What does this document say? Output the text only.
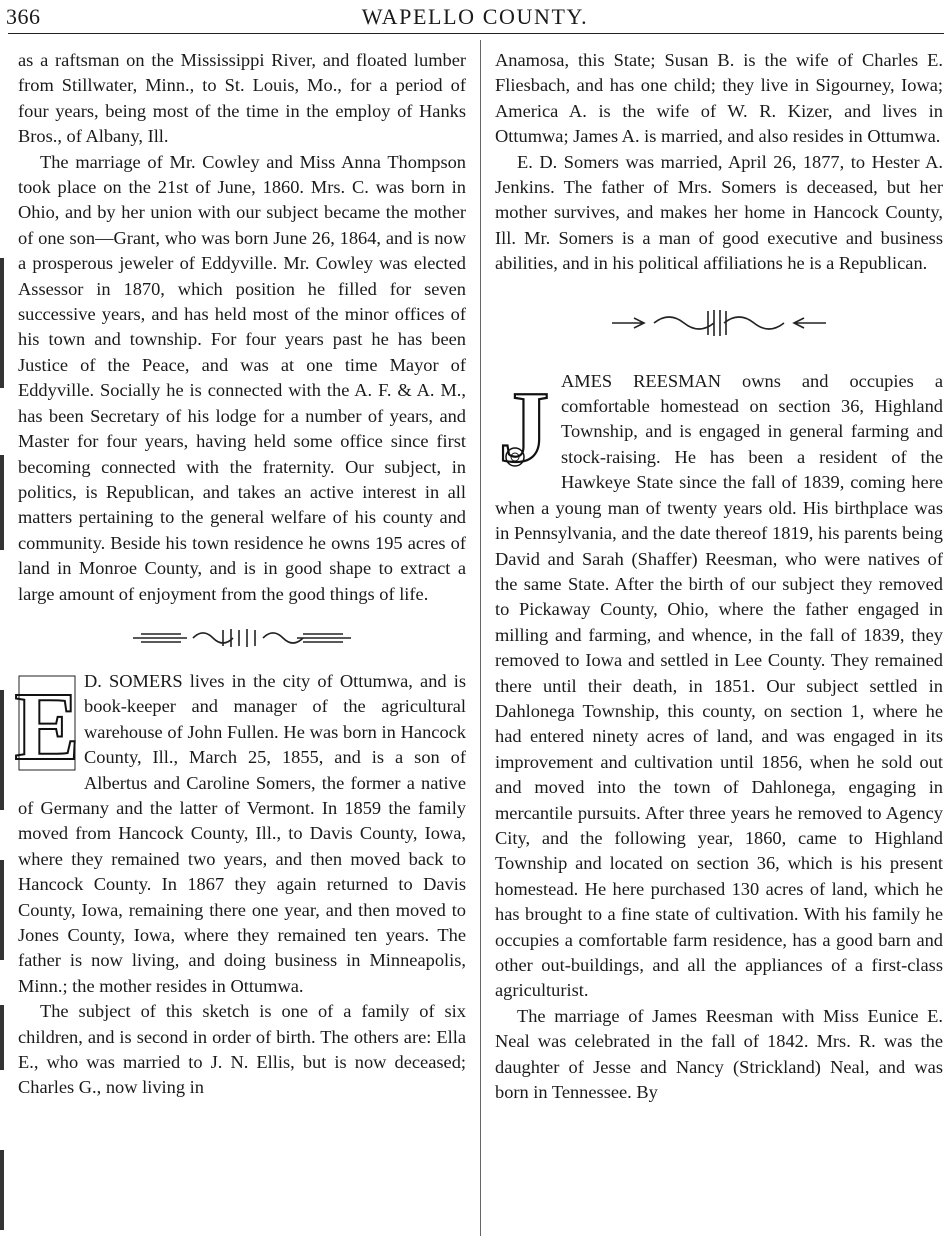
366	WAPELLO COUNTY.

as a raftsman on the Mississippi River, and floated lumber from Stillwater, Minn., to St. Louis, Mo., for a period of four years, being most of the time in the employ of Hanks Bros., of Albany, Ill.

The marriage of Mr. Cowley and Miss Anna Thompson took place on the 21st of June, 1860. Mrs. C. was born in Ohio, and by her union with our subject became the mother of one son—Grant, who was born June 26, 1864, and is now a prosperous jeweler of Eddyville. Mr. Cowley was elected Assessor in 1870, which position he filled for seven successive years, and has held most of the minor offices of his town and township. For four years past he has been Justice of the Peace, and was at one time Mayor of Eddyville. Socially he is connected with the A. F. & A. M., has been Secretary of his lodge for a number of years, and Master for four years, having held some office since first becoming connected with the fraternity. Our subject, in politics, is Republican, and takes an active interest in all matters pertaining to the general welfare of his county and community. Beside his town residence he owns 195 acres of land in Monroe County, and is in good shape to extract a large amount of enjoyment from the good things of life.

E D. SOMERS lives in the city of Ottumwa, and is book-keeper and manager of the agricultural warehouse of John Fullen. He was born in Hancock County, Ill., March 25, 1855, and is a son of Albertus and Caroline Somers, the former a native of Germany and the latter of Vermont. In 1859 the family moved from Hancock County, Ill., to Davis County, Iowa, where they remained two years, and then moved back to Hancock County. In 1867 they again returned to Davis County, Iowa, remaining there one year, and then moved to Jones County, Iowa, where they remained ten years. The father is now living, and doing business in Minneapolis, Minn.; the mother resides in Ottumwa.

The subject of this sketch is one of a family of six children, and is second in order of birth. The others are: Ella E., who was married to J. N. Ellis, but is now deceased; Charles G., now living in

Anamosa, this State; Susan B. is the wife of Charles E. Fliesbach, and has one child; they live in Sigourney, Iowa; America A. is the wife of W. R. Kizer, and lives in Ottumwa; James A. is married, and also resides in Ottumwa.

E. D. Somers was married, April 26, 1877, to Hester A. Jenkins. The father of Mrs. Somers is deceased, but her mother survives, and makes her home in Hancock County, Ill. Mr. Somers is a man of good executive and business abilities, and in his political affiliations he is a Republican.

J AMES REESMAN owns and occupies a comfortable homestead on section 36, Highland Township, and is engaged in general farming and stock-raising. He has been a resident of the Hawkeye State since the fall of 1839, coming here when a young man of twenty years old. His birthplace was in Pennsylvania, and the date thereof 1819, his parents being David and Sarah (Shaffer) Reesman, who were natives of the same State. After the birth of our subject they removed to Pickaway County, Ohio, where the father engaged in milling and farming, and whence, in the fall of 1839, they removed to Iowa and settled in Lee County. They remained there until their death, in 1851. Our subject settled in Dahlonega Township, this county, on section 1, where he had entered ninety acres of land, and was engaged in its improvement and cultivation until 1856, when he sold out and moved into the town of Dahlonega, engaging in mercantile pursuits. After three years he removed to Agency City, and the following year, 1860, came to Highland Township and located on section 36, which is his present homestead. He here purchased 130 acres of land, which he has brought to a fine state of cultivation. With his family he occupies a comfortable farm residence, has a good barn and other out-buildings, and all the appliances of a first-class agriculturist.

The marriage of James Reesman with Miss Eunice E. Neal was celebrated in the fall of 1842. Mrs. R. was the daughter of Jesse and Nancy (Strickland) Neal, and was born in Tennessee. By
